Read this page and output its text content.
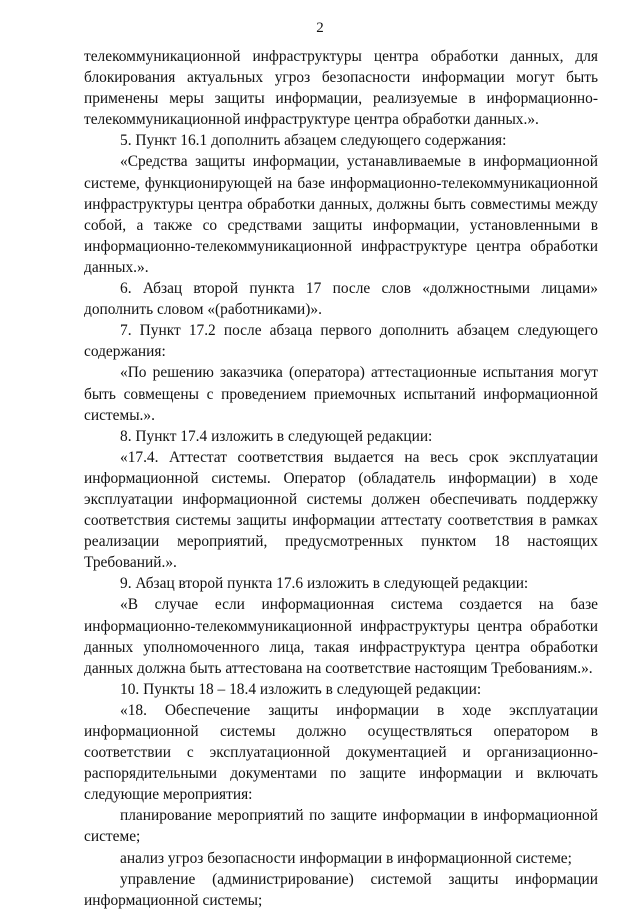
2

телекоммуникационной инфраструктуры центра обработки данных, для блокирования актуальных угроз безопасности информации могут быть применены меры защиты информации, реализуемые в информационно-телекоммуникационной инфраструктуре центра обработки данных.».

5. Пункт 16.1 дополнить абзацем следующего содержания:

«Средства защиты информации, устанавливаемые в информационной системе, функционирующей на базе информационно-телекоммуникационной инфраструктуры центра обработки данных, должны быть совместимы между собой, а также со средствами защиты информации, установленными в информационно-телекоммуникационной инфраструктуре центра обработки данных.».

6. Абзац второй пункта 17 после слов «должностными лицами» дополнить словом «(работниками)».

7. Пункт 17.2 после абзаца первого дополнить абзацем следующего содержания:

«По решению заказчика (оператора) аттестационные испытания могут быть совмещены с проведением приемочных испытаний информационной системы.».

8. Пункт 17.4 изложить в следующей редакции:

«17.4. Аттестат соответствия выдается на весь срок эксплуатации информационной системы. Оператор (обладатель информации) в ходе эксплуатации информационной системы должен обеспечивать поддержку соответствия системы защиты информации аттестату соответствия в рамках реализации мероприятий, предусмотренных пунктом 18 настоящих Требований.».

9. Абзац второй пункта 17.6 изложить в следующей редакции:

«В случае если информационная система создается на базе информационно-телекоммуникационной инфраструктуры центра обработки данных уполномоченного лица, такая инфраструктура центра обработки данных должна быть аттестована на соответствие настоящим Требованиям.».

10. Пункты 18 – 18.4 изложить в следующей редакции:

«18. Обеспечение защиты информации в ходе эксплуатации информационной системы должно осуществляться оператором в соответствии с эксплуатационной документацией и организационно-распорядительными документами по защите информации и включать следующие мероприятия:

планирование мероприятий по защите информации в информационной системе;

анализ угроз безопасности информации в информационной системе;

управление (администрирование) системой защиты информации информационной системы;
